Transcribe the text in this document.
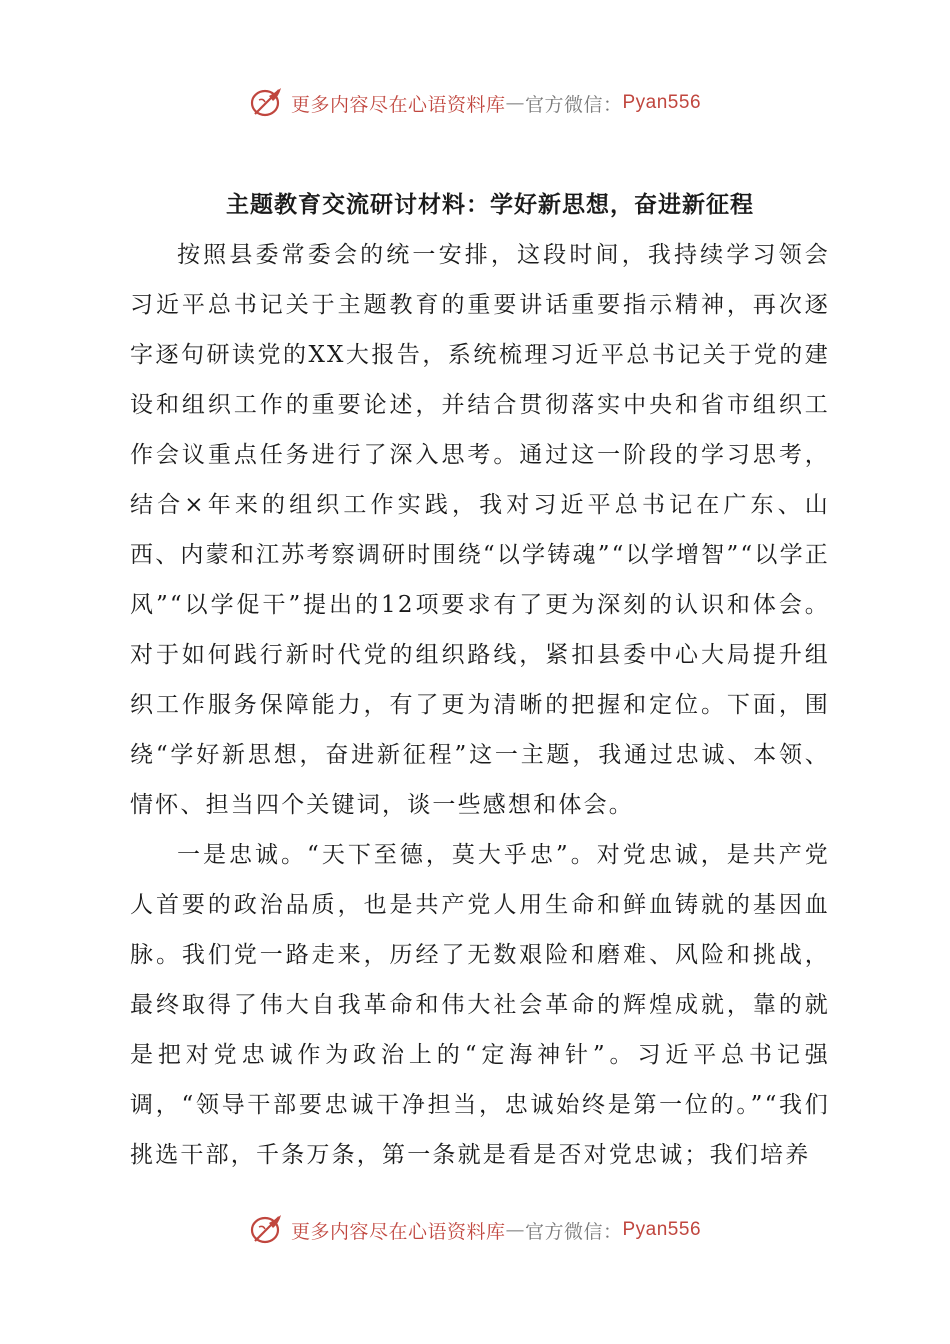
更多内容尽在心语资料库 — 官方微信： Pyan556
主题教育交流研讨材料：学好新思想，奋进新征程

按照县委常委会的统一安排，这段时间，我持续学习领会习近平总书记关于主题教育的重要讲话重要指示精神，再次逐字逐句研读党的XX大报告，系统梳理习近平总书记关于党的建设和组织工作的重要论述，并结合贯彻落实中央和省市组织工作会议重点任务进行了深入思考。通过这一阶段的学习思考，结合×年来的组织工作实践，我对习近平总书记在广东、山西、内蒙和江苏考察调研时围绕“以学铸魂”“以学增智”“以学正风”“以学促干”提出的12项要求有了更为深刻的认识和体会。对于如何践行新时代党的组织路线，紧扣县委中心大局提升组织工作服务保障能力，有了更为清晰的把握和定位。下面，围绕“学好新思想，奋进新征程”这一主题，我通过忠诚、本领、情怀、担当四个关键词，谈一些感想和体会。

一是忠诚。“天下至德，莫大乎忠”。对党忠诚，是共产党人首要的政治品质，也是共产党人用生命和鲜血铸就的基因血脉。我们党一路走来，历经了无数艰险和磨难、风险和挑战，最终取得了伟大自我革命和伟大社会革命的辉煌成就，靠的就是把对党忠诚作为政治上的“定海神针”。习近平总书记强调，“领导干部要忠诚干净担当，忠诚始终是第一位的。”“我们挑选干部，千条万条，第一条就是看是否对党忠诚；我们培养

更多内容尽在心语资料库 — 官方微信： Pyan556
